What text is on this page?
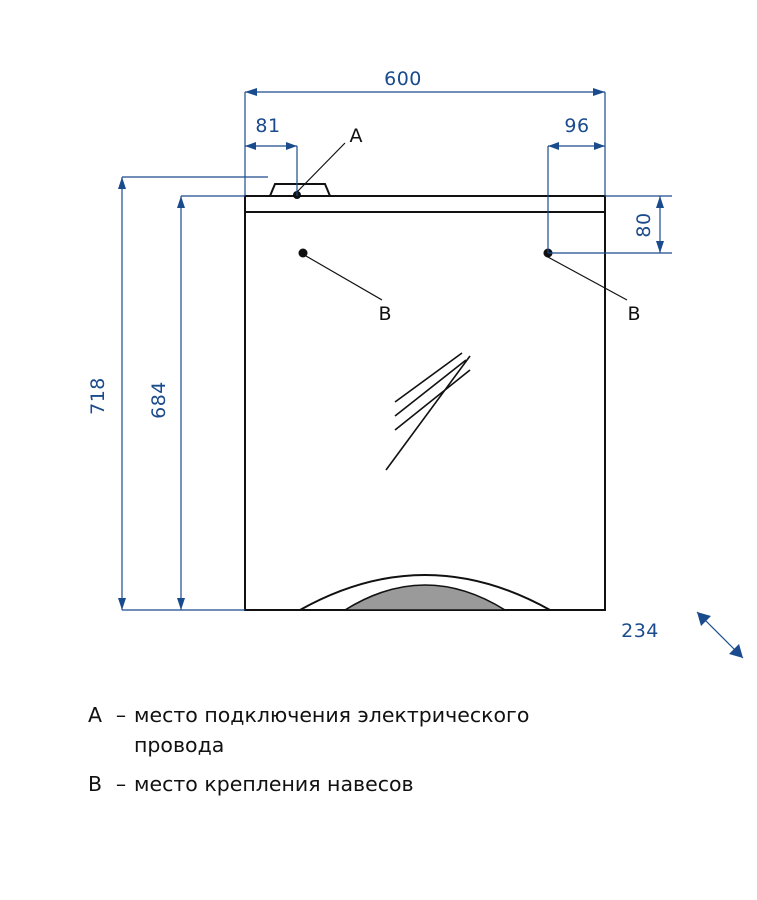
600
81	96
80
718 684
234
A
B	B
A – место подключения электрического
провода
B – место крепления навесов
